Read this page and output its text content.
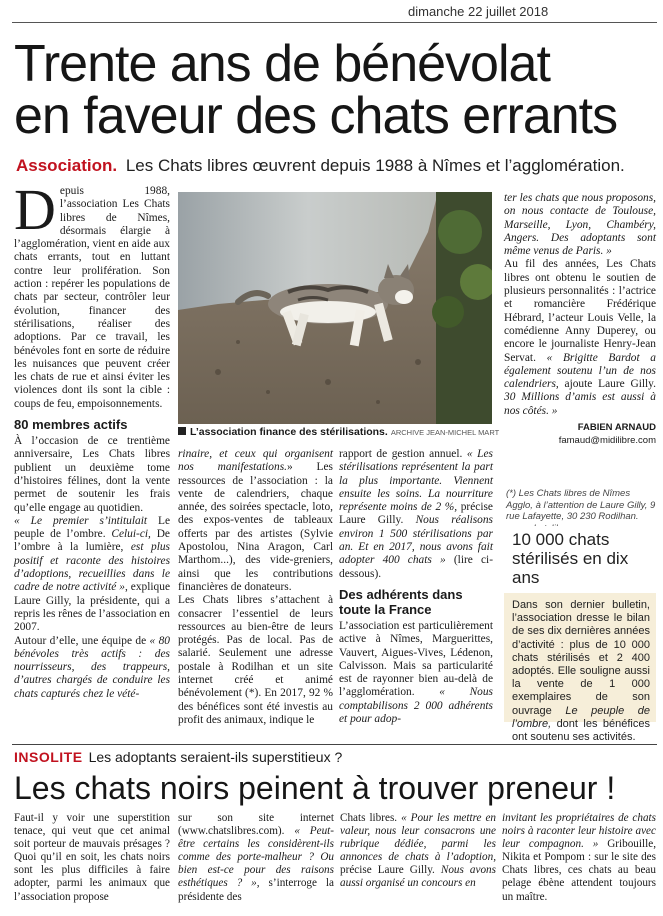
dimanche 22 juillet 2018
Trente ans de bénévolat
en faveur des chats errants
Association. Les Chats libres œuvrent depuis 1988 à Nîmes et l’agglomération.

Depuis 1988, l’association Les Chats libres de Nîmes, désormais élargie à l’agglomération, vient en aide aux chats errants, tout en luttant contre leur prolifération. Son action : repérer les populations de chats par secteur, contrôler leur évolution, financer des stérilisations, réaliser des adoptions. Par ce travail, les bénévoles font en sorte de réduire les nuisances que peuvent créer les chats de rue et ainsi éviter les violences dont ils sont la cible : coups de feu, empoisonnements.

80 membres actifs

À l’occasion de ce trentième anniversaire, Les Chats libres publient un deuxième tome d’histoires félines, dont la vente permet de soutenir les frais qu’elle engage au quotidien.

« Le premier s’intitulait Le peuple de l’ombre. Celui-ci, De l’ombre à la lumière, est plus positif et raconte des histoires d’adoptions, recueillies dans le cadre de notre activité », explique Laure Gilly, la présidente, qui a repris les rênes de l’association en 2007.

Autour d’elle, une équipe de « 80 bénévoles très actifs : des nourrisseurs, des trappeurs, d’autres chargés de conduire les chats capturés chez le vété-

L’association finance des stérilisations. ARCHIVE JEAN-MICHEL MART

rinaire, et ceux qui organisent nos manifestations.» Les ressources de l’association : la vente de calendriers, chaque année, des soirées spectacle, loto, des expos-ventes de tableaux offerts par des artistes (Sylvie Apostolou, Nina Aragon, Carl Marthom...), des vide-greniers, ainsi que les contributions financières de donateurs.

Les Chats libres s’attachent à consacrer l’essentiel de leurs ressources au bien-être de leurs protégés. Pas de local. Pas de salarié. Seulement une adresse postale à Rodilhan et un site internet créé et animé bénévolement (*). En 2017, 92 % des bénéfices sont été investis au profit des animaux, indique le

rapport de gestion annuel. « Les stérilisations représentent la part la plus importante. Viennent ensuite les soins. La nourriture représente moins de 2 %, précise Laure Gilly. Nous réalisons environ 1 500 stérilisations par an. Et en 2017, nous avons fait adopter 400 chats » (lire ci-dessous).

Des adhérents dans toute la France

L’association est particulièrement active à Nîmes, Marguerittes, Vauvert, Aigues-Vives, Lédenon, Calvisson. Mais sa particularité est de rayonner bien au-delà de l’agglomération. « Nous comptabilisons 2 000 adhérents et pour adop-

ter les chats que nous proposons, on nous contacte de Toulouse, Marseille, Lyon, Chambéry, Angers. Des adoptants sont même venus de Paris. »

Au fil des années, Les Chats libres ont obtenu le soutien de plusieurs personnalités : l’actrice et romancière Frédérique Hébrard, l’acteur Louis Velle, la comédienne Anny Duperey, ou encore le journaliste Henry-Jean Servat. « Brigitte Bardot a également soutenu l’un de nos calendriers, ajoute Laure Gilly. 30 Millions d’amis est aussi à nos côtés. »

FABIEN ARNAUD
famaud@midilibre.com
(*) Les Chats libres de Nîmes Agglo, à l’attention de Laure Gilly, 9 rue Lafayette, 30 230 Rodilhan.
10 000 chats stérilisés en dix ans
Dans son dernier bulletin, l’association dresse le bilan de ses dix dernières années d’activité : plus de 10 000 chats stérilisés et 2 400 adoptés. Elle souligne aussi la vente de 1 000 exemplaires de son ouvrage Le peuple de l’ombre, dont les bénéfices ont soutenu ses activités.
INSOLITE Les adoptants seraient-ils superstitieux ?
Les chats noirs peinent à trouver preneur !
Faut-il y voir une superstition tenace, qui veut que cet animal soit porteur de mauvais présages ? Quoi qu’il en soit, les chats noirs sont les plus difficiles à faire adopter, parmi les animaux que l’association propose
sur son site internet (www.chatslibres.com). « Peut-être certains les considèrent-ils comme des porte-malheur ? Ou bien est-ce pour des raisons esthétiques ? », s’interroge la présidente des
Chats libres. « Pour les mettre en valeur, nous leur consacrons une rubrique dédiée, parmi les annonces de chats à l’adoption, précise Laure Gilly. Nous avons aussi organisé un concours en
invitant les propriétaires de chats noirs à raconter leur histoire avec leur compagnon. » Gribouille, Nikita et Pompom : sur le site des Chats libres, ces chats au beau pelage ébène attendent toujours un maître.
